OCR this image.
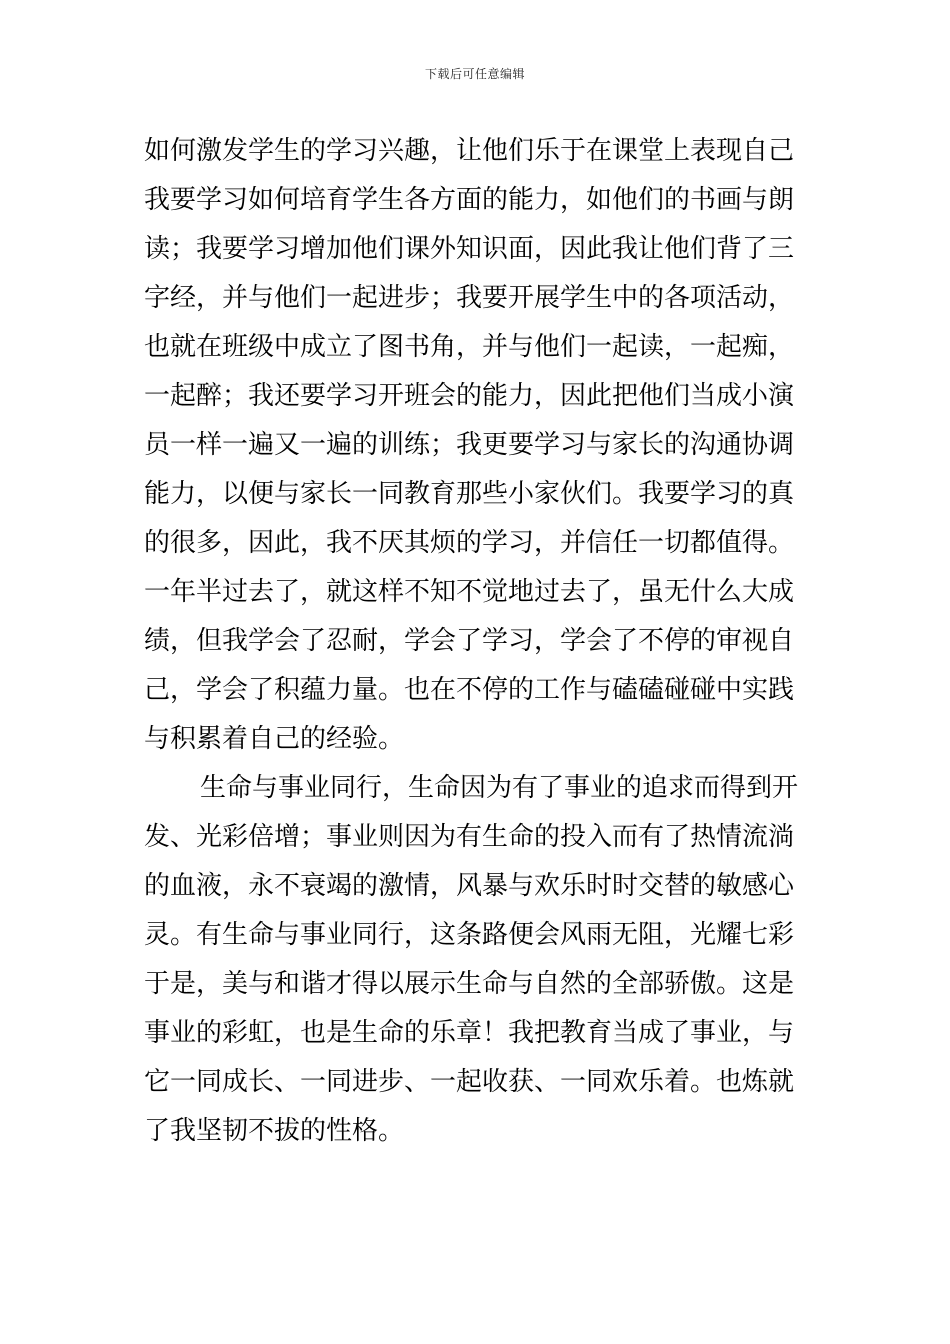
下载后可任意编辑
如何激发学生的学习兴趣，让他们乐于在课堂上表现自己
我要学习如何培育学生各方面的能力，如他们的书画与朗
读；我要学习增加他们课外知识面，因此我让他们背了三
字经，并与他们一起进步；我要开展学生中的各项活动，
也就在班级中成立了图书角，并与他们一起读，一起痴，
一起醉；我还要学习开班会的能力，因此把他们当成小演
员一样一遍又一遍的训练；我更要学习与家长的沟通协调
能力，以便与家长一同教育那些小家伙们。我要学习的真
的很多，因此，我不厌其烦的学习，并信任一切都值得。
一年半过去了，就这样不知不觉地过去了，虽无什么大成
绩，但我学会了忍耐，学会了学习，学会了不停的审视自
己，学会了积蕴力量。也在不停的工作与磕磕碰碰中实践
与积累着自己的经验。
生命与事业同行，生命因为有了事业的追求而得到开
发、光彩倍增；事业则因为有生命的投入而有了热情流淌
的血液，永不衰竭的激情，风暴与欢乐时时交替的敏感心
灵。有生命与事业同行，这条路便会风雨无阻，光耀七彩
于是，美与和谐才得以展示生命与自然的全部骄傲。这是
事业的彩虹，也是生命的乐章！我把教育当成了事业，与
它一同成长、一同进步、一起收获、一同欢乐着。也炼就
了我坚韧不拔的性格。
